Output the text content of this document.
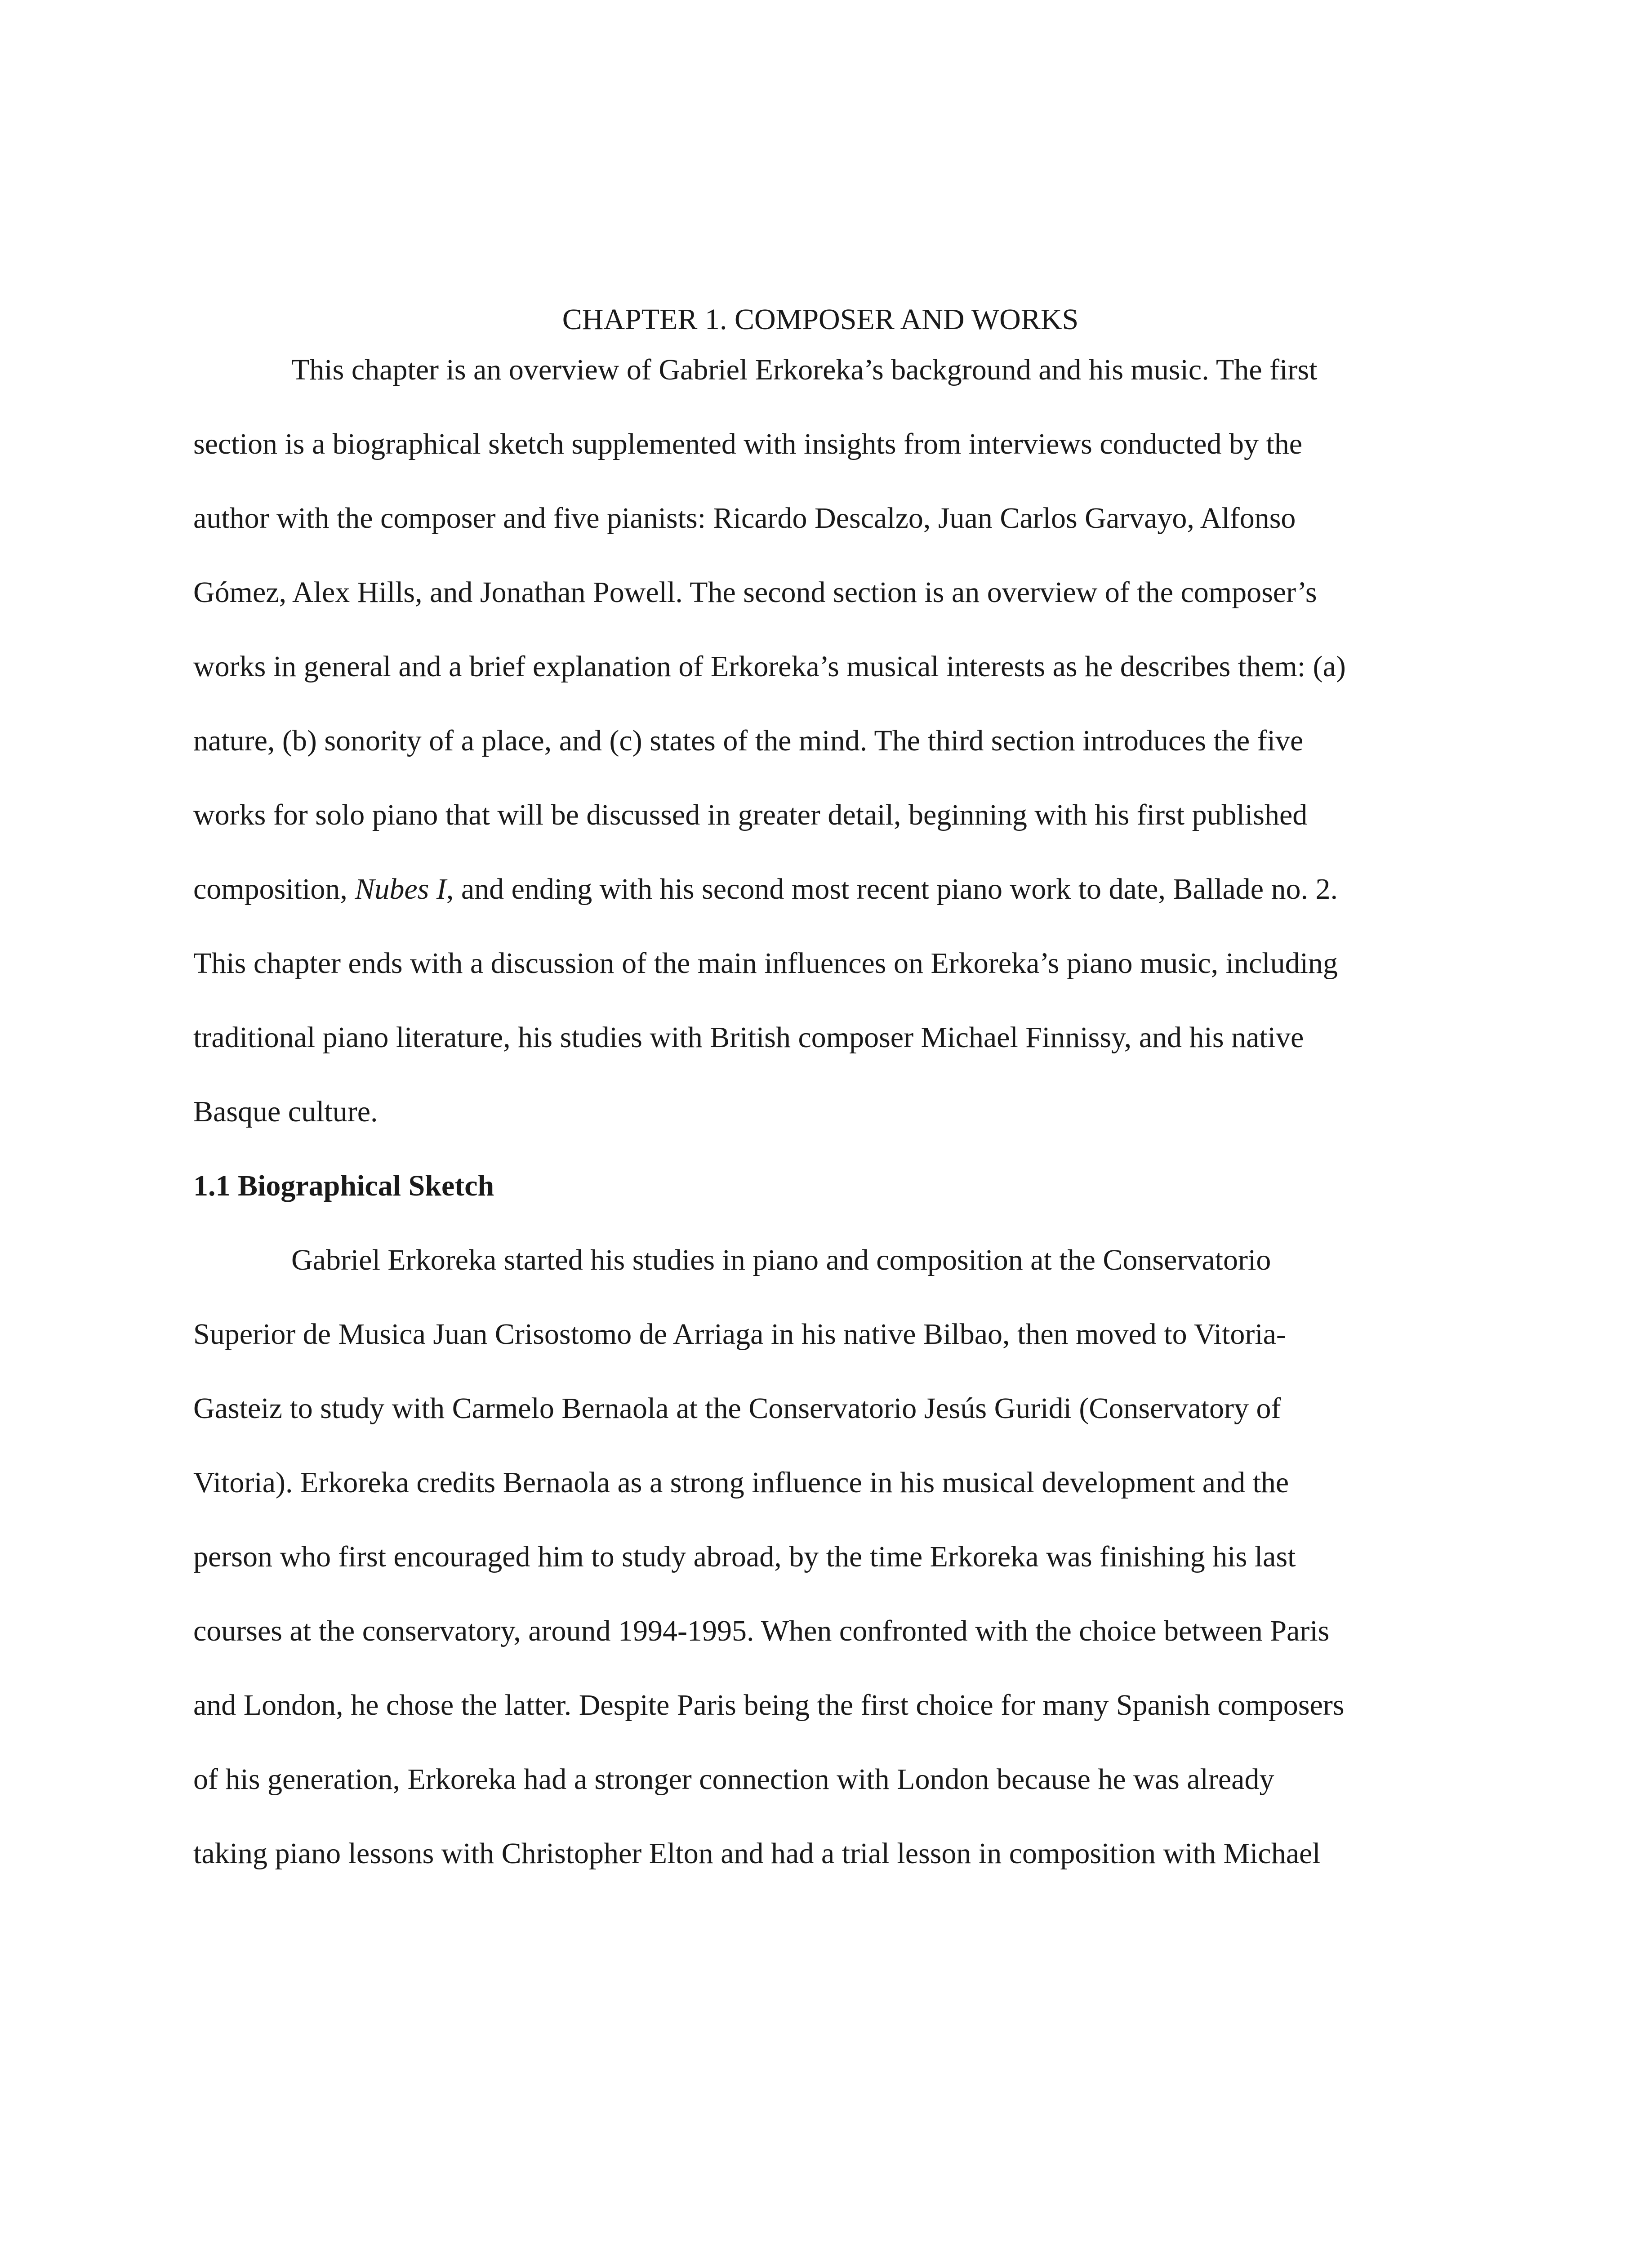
CHAPTER 1. COMPOSER AND WORKS
This chapter is an overview of Gabriel Erkoreka’s background and his music. The first
section is a biographical sketch supplemented with insights from interviews conducted by the
author with the composer and five pianists: Ricardo Descalzo, Juan Carlos Garvayo, Alfonso
Gómez, Alex Hills, and Jonathan Powell. The second section is an overview of the composer’s
works in general and a brief explanation of Erkoreka’s musical interests as he describes them: (a)
nature, (b) sonority of a place, and (c) states of the mind. The third section introduces the five
works for solo piano that will be discussed in greater detail, beginning with his first published
composition, Nubes I, and ending with his second most recent piano work to date, Ballade no. 2.
This chapter ends with a discussion of the main influences on Erkoreka’s piano music, including
traditional piano literature, his studies with British composer Michael Finnissy, and his native
Basque culture.
1.1 Biographical Sketch
Gabriel Erkoreka started his studies in piano and composition at the Conservatorio
Superior de Musica Juan Crisostomo de Arriaga in his native Bilbao, then moved to Vitoria-
Gasteiz to study with Carmelo Bernaola at the Conservatorio Jesús Guridi (Conservatory of
Vitoria). Erkoreka credits Bernaola as a strong influence in his musical development and the
person who first encouraged him to study abroad, by the time Erkoreka was finishing his last
courses at the conservatory, around 1994-1995. When confronted with the choice between Paris
and London, he chose the latter. Despite Paris being the first choice for many Spanish composers
of his generation, Erkoreka had a stronger connection with London because he was already
taking piano lessons with Christopher Elton and had a trial lesson in composition with Michael
